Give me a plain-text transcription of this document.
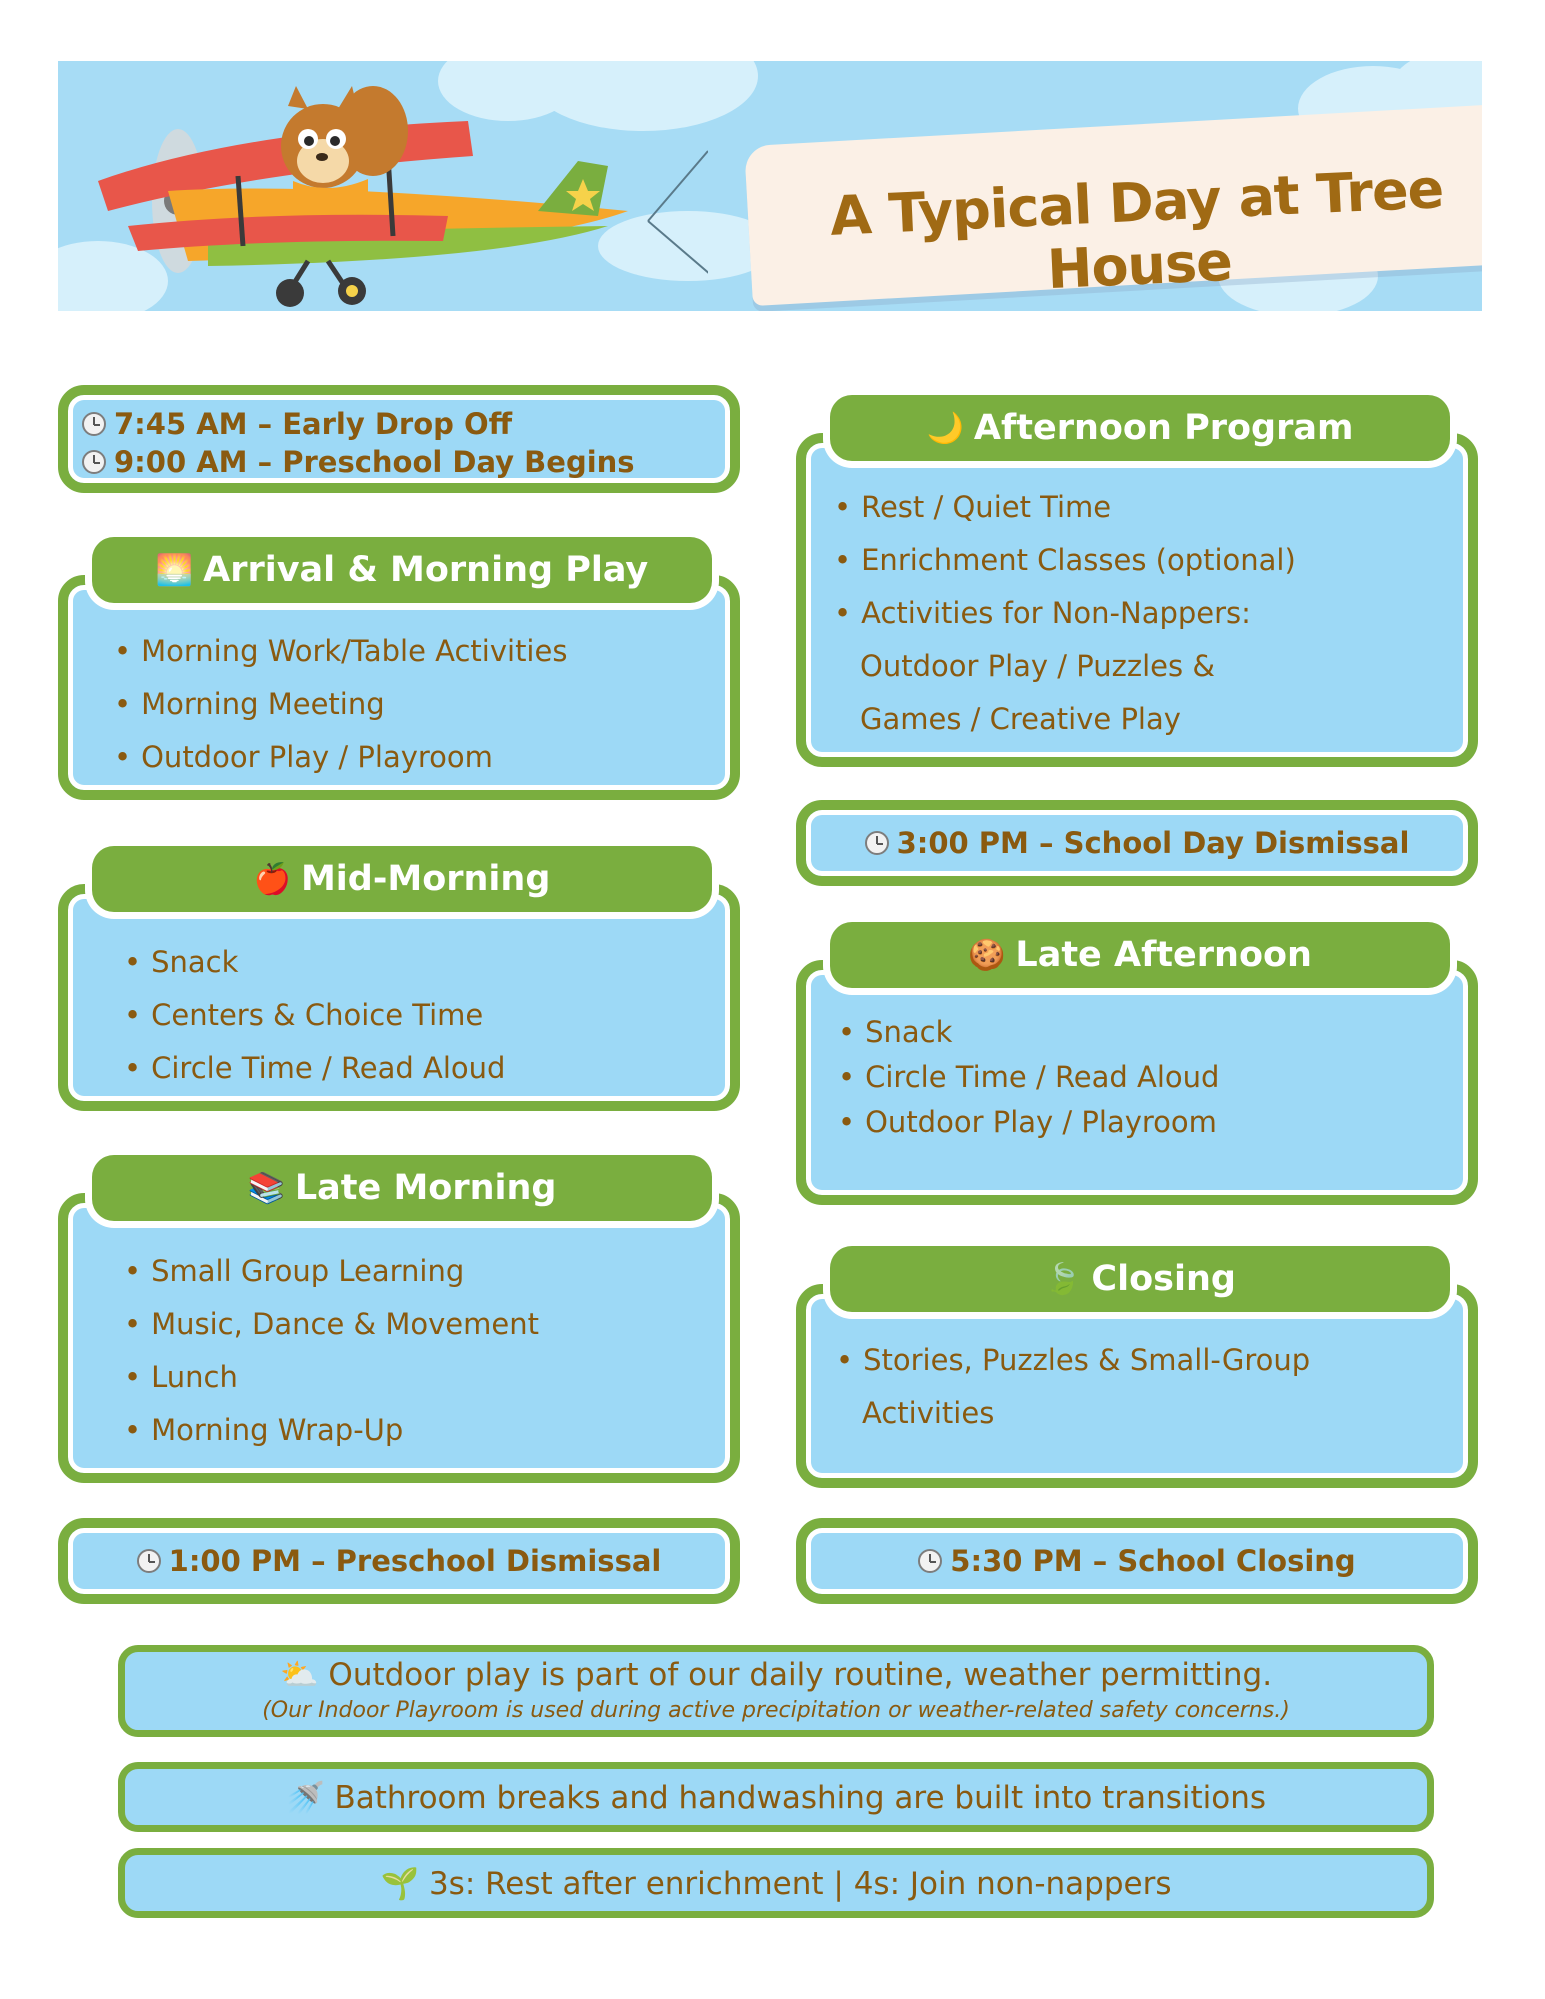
A Typical Day at Tree House
7:45 AM – Early Drop Off
9:00 AM – Preschool Day Begins
• Morning Work/Table Activities
• Morning Meeting
• Outdoor Play / Playroom
🌅 Arrival & Morning Play
• Snack
• Centers & Choice Time
• Circle Time / Read Aloud
🍎 Mid-Morning
• Small Group Learning
• Music, Dance & Movement
• Lunch
• Morning Wrap-Up
📚 Late Morning
1:00 PM – Preschool Dismissal
• Rest / Quiet Time
• Enrichment Classes (optional)
• Activities for Non-Nappers:
Outdoor Play / Puzzles &
Games / Creative Play
🌙 Afternoon Program
3:00 PM – School Day Dismissal
• Snack
• Circle Time / Read Aloud
• Outdoor Play / Playroom
🍪 Late Afternoon
• Stories, Puzzles & Small-Group
Activities
🍃 Closing
5:30 PM – School Closing
⛅ Outdoor play is part of our daily routine, weather permitting.
(Our Indoor Playroom is used during active precipitation or weather-related safety concerns.)
🚿 Bathroom breaks and handwashing are built into transitions
🌱 3s: Rest after enrichment | 4s: Join non-nappers
